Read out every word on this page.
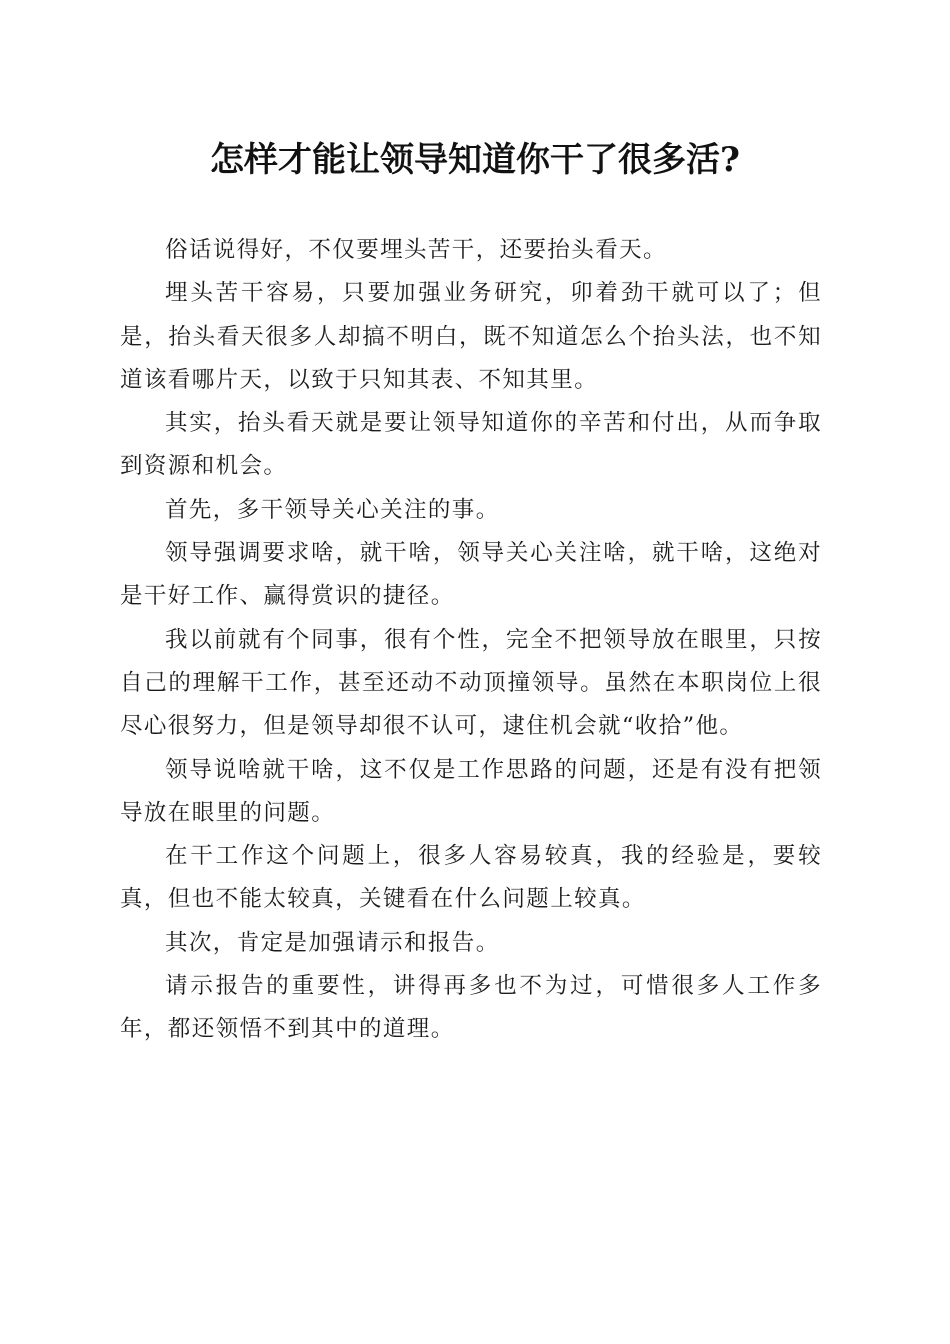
怎样才能让领导知道你干了很多活?

俗话说得好，不仅要埋头苦干，还要抬头看天。

埋头苦干容易，只要加强业务研究，卯着劲干就可以了；但是，抬头看天很多人却搞不明白，既不知道怎么个抬头法，也不知道该看哪片天，以致于只知其表、不知其里。

其实，抬头看天就是要让领导知道你的辛苦和付出，从而争取到资源和机会。

首先，多干领导关心关注的事。

领导强调要求啥，就干啥，领导关心关注啥，就干啥，这绝对是干好工作、赢得赏识的捷径。

我以前就有个同事，很有个性，完全不把领导放在眼里，只按自己的理解干工作，甚至还动不动顶撞领导。虽然在本职岗位上很尽心很努力，但是领导却很不认可，逮住机会就“收拾”他。

领导说啥就干啥，这不仅是工作思路的问题，还是有没有把领导放在眼里的问题。

在干工作这个问题上，很多人容易较真，我的经验是，要较真，但也不能太较真，关键看在什么问题上较真。

其次，肯定是加强请示和报告。

请示报告的重要性，讲得再多也不为过，可惜很多人工作多年，都还领悟不到其中的道理。
